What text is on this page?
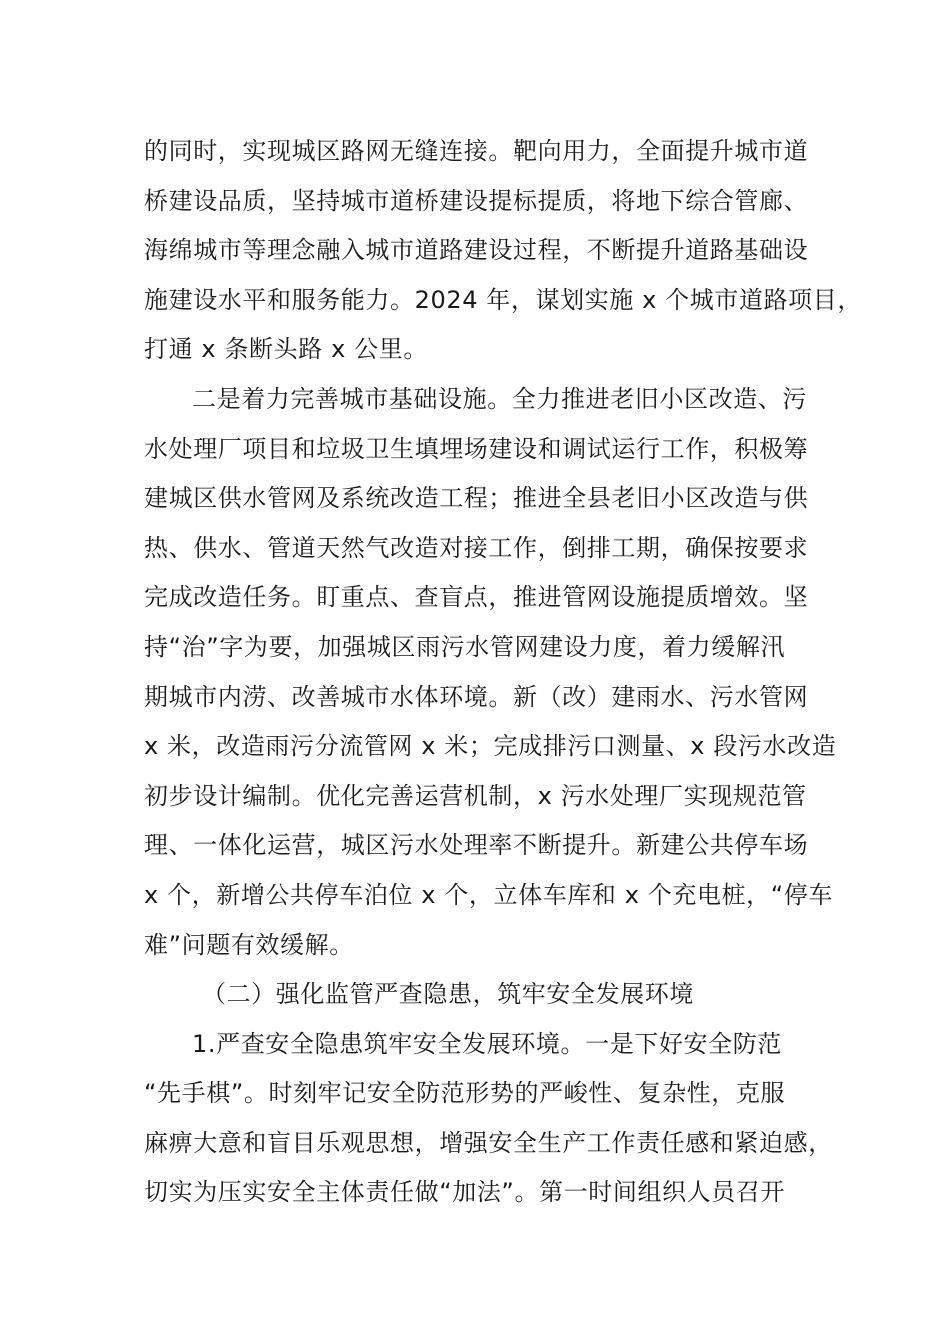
的同时，实现城区路网无缝连接。靶向用力，全面提升城市道
桥建设品质，坚持城市道桥建设提标提质，将地下综合管廊、
海绵城市等理念融入城市道路建设过程，不断提升道路基础设
施建设水平和服务能力。2024 年，谋划实施 x 个城市道路项目，
打通 x 条断头路 x 公里。
二是着力完善城市基础设施。全力推进老旧小区改造、污
水处理厂项目和垃圾卫生填埋场建设和调试运行工作，积极筹
建城区供水管网及系统改造工程；推进全县老旧小区改造与供
热、供水、管道天然气改造对接工作，倒排工期，确保按要求
完成改造任务。盯重点、查盲点，推进管网设施提质增效。坚
持“治”字为要，加强城区雨污水管网建设力度，着力缓解汛
期城市内涝、改善城市水体环境。新（改）建雨水、污水管网
x 米，改造雨污分流管网 x 米；完成排污口测量、x 段污水改造
初步设计编制。优化完善运营机制，x 污水处理厂实现规范管
理、一体化运营，城区污水处理率不断提升。新建公共停车场
x 个，新增公共停车泊位 x 个，立体车库和 x 个充电桩，“停车
难”问题有效缓解。
（二）强化监管严查隐患，筑牢安全发展环境
1.严查安全隐患筑牢安全发展环境。一是下好安全防范
“先手棋”。时刻牢记安全防范形势的严峻性、复杂性，克服
麻痹大意和盲目乐观思想，增强安全生产工作责任感和紧迫感，
切实为压实安全主体责任做“加法”。第一时间组织人员召开
